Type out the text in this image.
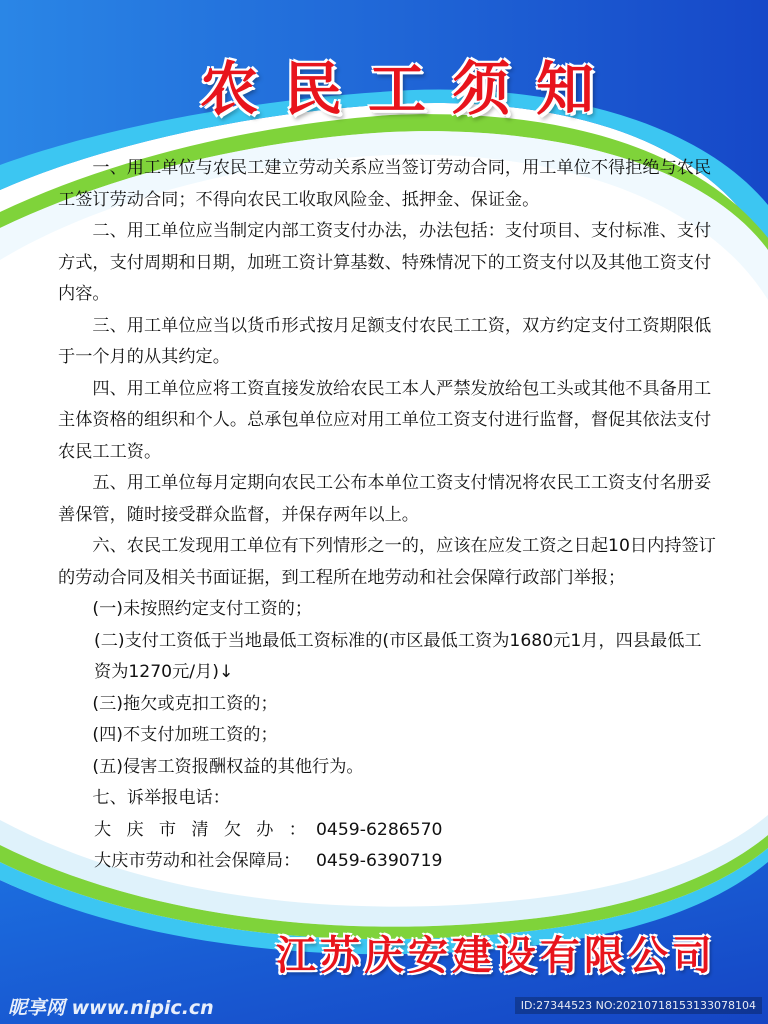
农民工须知

一、用工单位与农民工建立劳动关系应当签订劳动合同，用工单位不得拒绝与农民工签订劳动合同；不得向农民工收取风险金、抵押金、保证金。

二、用工单位应当制定内部工资支付办法，办法包括：支付项目、支付标准、支付方式，支付周期和日期，加班工资计算基数、特殊情况下的工资支付以及其他工资支付内容。

三、用工单位应当以货币形式按月足额支付农民工工资，双方约定支付工资期限低于一个月的从其约定。

四、用工单位应将工资直接发放给农民工本人严禁发放给包工头或其他不具备用工主体资格的组织和个人。总承包单位应对用工单位工资支付进行监督，督促其依法支付农民工工资。

五、用工单位每月定期向农民工公布本单位工资支付情况将农民工工资支付名册妥善保管，随时接受群众监督，并保存两年以上。

六、农民工发现用工单位有下列情形之一的，应该在应发工资之日起10日内持签订的劳动合同及相关书面证据，到工程所在地劳动和社会保障行政部门举报；

(一)未按照约定支付工资的；

(二)支付工资低于当地最低工资标准的(市区最低工资为1680元1月，四县最低工资为1270元/月)↓

(三)拖欠或克扣工资的；

(四)不支付加班工资的；

(五)侵害工资报酬权益的其他行为。

七、诉举报电话：

大 庆 市 清 欠 办 ： 0459-6286570
大庆市劳动和社会保障局： 0459-6390719
江苏庆安建设有限公司
昵享网 www.nipic.cn	ID:27344523 NO:20210718153133078104
